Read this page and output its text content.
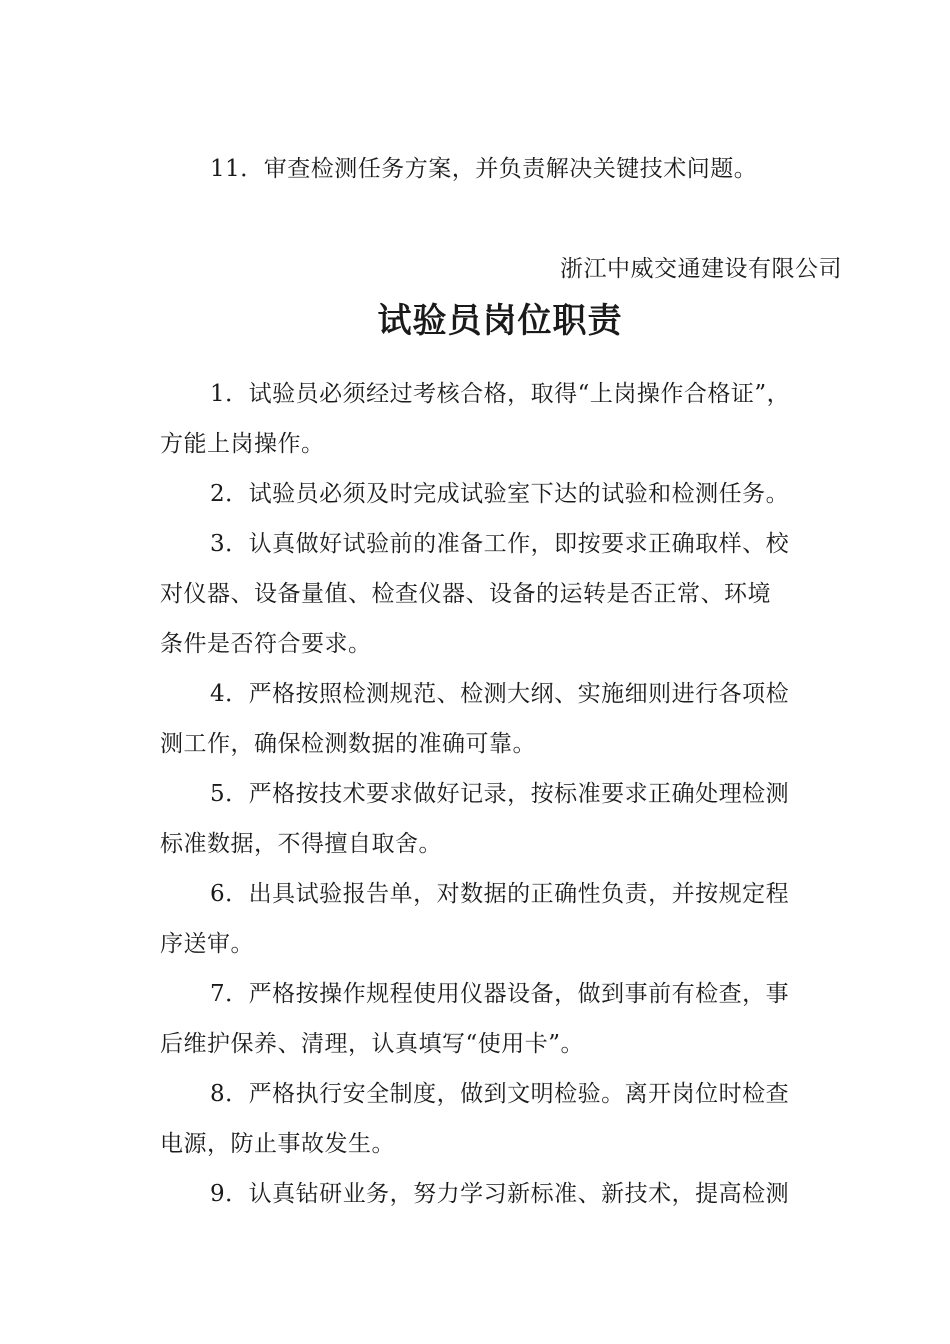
11．审查检测任务方案，并负责解决关键技术问题。
浙江中威交通建设有限公司
试验员岗位职责
1．试验员必须经过考核合格，取得“上岗操作合格证”，
方能上岗操作。
2．试验员必须及时完成试验室下达的试验和检测任务。
3．认真做好试验前的准备工作，即按要求正确取样、校
对仪器、设备量值、检查仪器、设备的运转是否正常、环境
条件是否符合要求。
4．严格按照检测规范、检测大纲、实施细则进行各项检
测工作，确保检测数据的准确可靠。
5．严格按技术要求做好记录，按标准要求正确处理检测
标准数据，不得擅自取舍。
6．出具试验报告单，对数据的正确性负责，并按规定程
序送审。
7．严格按操作规程使用仪器设备，做到事前有检查，事
后维护保养、清理，认真填写“使用卡”。
8．严格执行安全制度，做到文明检验。离开岗位时检查
电源，防止事故发生。
9．认真钻研业务，努力学习新标准、新技术，提高检测
